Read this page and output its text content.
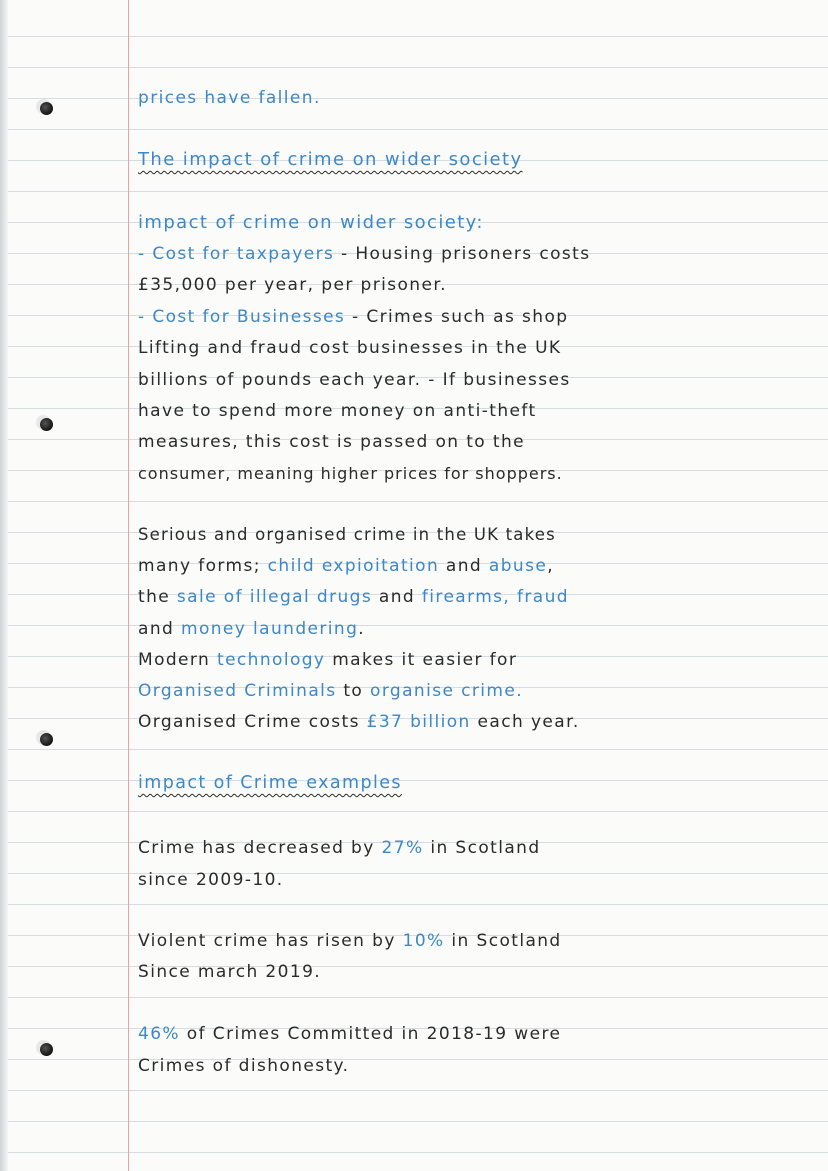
prices have fallen.
The impact of crime on wider society
impact of crime on wider society:
- Cost for taxpayers - Housing prisoners costs
£35,000 per year, per prisoner.
- Cost for Businesses - Crimes such as shop
Lifting and fraud cost businesses in the UK
billions of pounds each year. - If businesses
have to spend more money on anti-theft
measures, this cost is passed on to the
consumer, meaning higher prices for shoppers.
Serious and organised crime in the UK takes
many forms; child expioitation and abuse,
the sale of illegal drugs and firearms, fraud
and money laundering.
Modern technology makes it easier for
Organised Criminals to organise crime.
Organised Crime costs £37 billion each year.
impact of Crime examples
Crime has decreased by 27% in Scotland
since 2009-10.
Violent crime has risen by 10% in Scotland
Since march 2019.
46% of Crimes Committed in 2018-19 were
Crimes of dishonesty.
